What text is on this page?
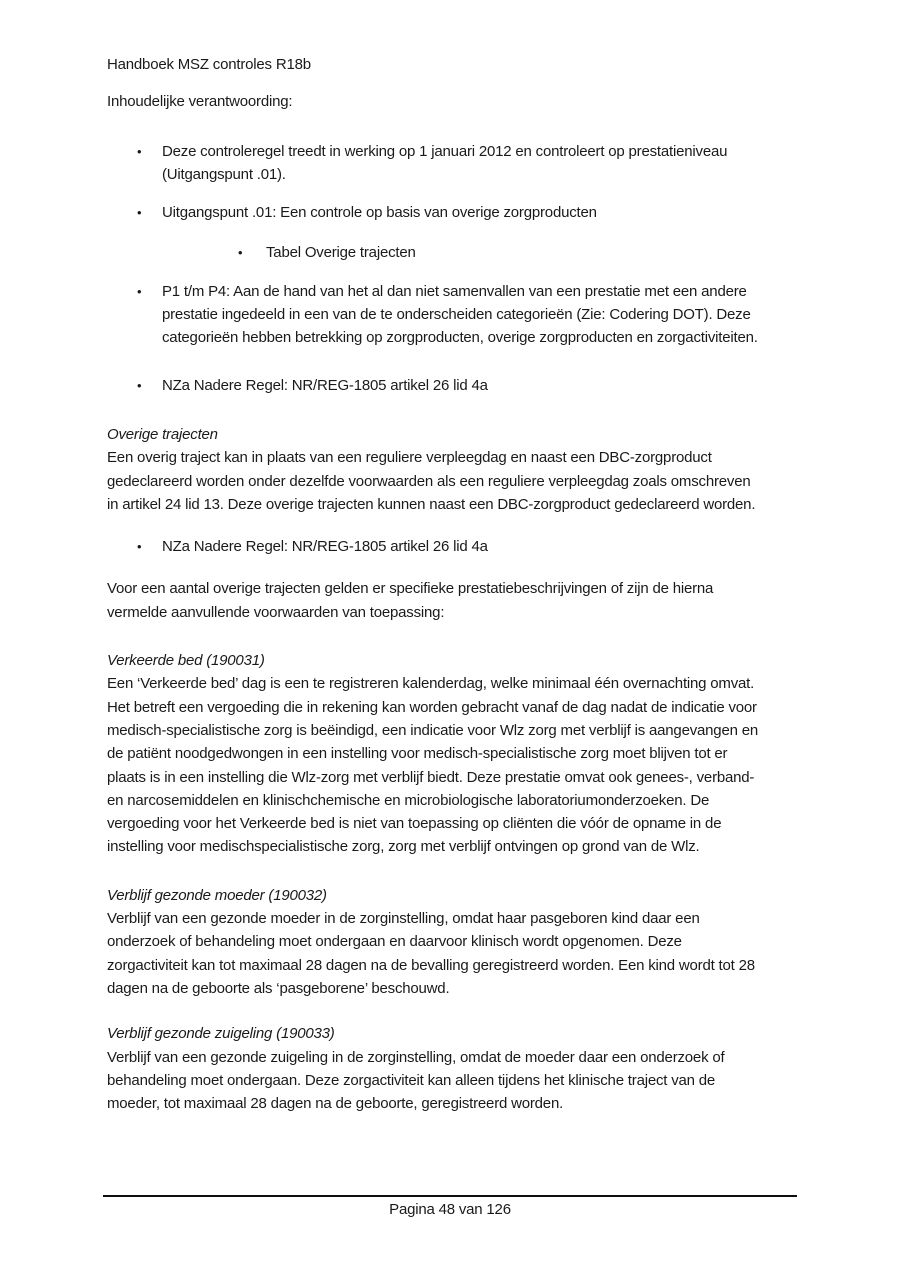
Handboek MSZ controles R18b
Inhoudelijke verantwoording:
•	Deze controleregel treedt in werking op 1 januari 2012 en controleert op prestatieniveau
(Uitgangspunt .01).
•	Uitgangspunt .01: Een controle op basis van overige zorgproducten
•	Tabel Overige trajecten
•	P1 t/m P4: Aan de hand van het al dan niet samenvallen van een prestatie met een andere
prestatie ingedeeld in een van de te onderscheiden categorieën (Zie: Codering DOT). Deze
categorieën hebben betrekking op zorgproducten, overige zorgproducten en zorgactiviteiten.
•	NZa Nadere Regel: NR/REG-1805 artikel 26 lid 4a
Overige trajecten
Een overig traject kan in plaats van een reguliere verpleegdag en naast een DBC-zorgproduct
gedeclareerd worden onder dezelfde voorwaarden als een reguliere verpleegdag zoals omschreven
in artikel 24 lid 13. Deze overige trajecten kunnen naast een DBC-zorgproduct gedeclareerd worden.
•	NZa Nadere Regel: NR/REG-1805 artikel 26 lid 4a
Voor een aantal overige trajecten gelden er specifieke prestatiebeschrijvingen of zijn de hierna
vermelde aanvullende voorwaarden van toepassing:
Verkeerde bed (190031)
Een ‘Verkeerde bed’ dag is een te registreren kalenderdag, welke minimaal één overnachting omvat.
Het betreft een vergoeding die in rekening kan worden gebracht vanaf de dag nadat de indicatie voor
medisch-specialistische zorg is beëindigd, een indicatie voor Wlz zorg met verblijf is aangevangen en
de patiënt noodgedwongen in een instelling voor medisch-specialistische zorg moet blijven tot er
plaats is in een instelling die Wlz-zorg met verblijf biedt. Deze prestatie omvat ook genees-, verband-
en narcosemiddelen en klinischchemische en microbiologische laboratoriumonderzoeken. De
vergoeding voor het Verkeerde bed is niet van toepassing op cliënten die vóór de opname in de
instelling voor medischspecialistische zorg, zorg met verblijf ontvingen op grond van de Wlz.
Verblijf gezonde moeder (190032)
Verblijf van een gezonde moeder in de zorginstelling, omdat haar pasgeboren kind daar een
onderzoek of behandeling moet ondergaan en daarvoor klinisch wordt opgenomen. Deze
zorgactiviteit kan tot maximaal 28 dagen na de bevalling geregistreerd worden. Een kind wordt tot 28
dagen na de geboorte als ‘pasgeborene’ beschouwd.
Verblijf gezonde zuigeling (190033)
Verblijf van een gezonde zuigeling in de zorginstelling, omdat de moeder daar een onderzoek of
behandeling moet ondergaan. Deze zorgactiviteit kan alleen tijdens het klinische traject van de
moeder, tot maximaal 28 dagen na de geboorte, geregistreerd worden.
Pagina 48 van 126
